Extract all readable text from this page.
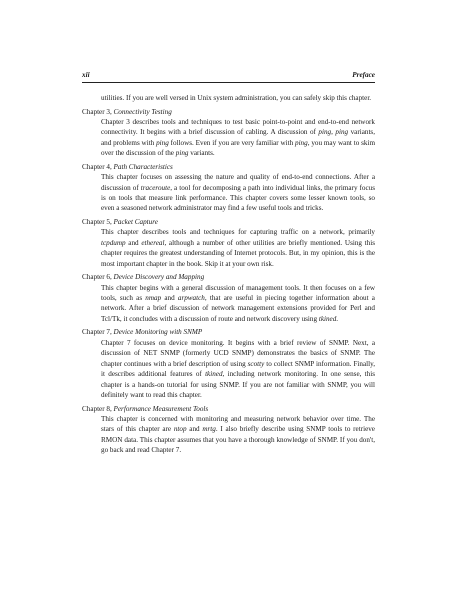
xii	Preface

utilities. If you are well versed in Unix system administration, you can safely skip this chapter.

Chapter 3, Connectivity Testing

Chapter 3 describes tools and techniques to test basic point-to-point and end-to-end network connectivity. It begins with a brief discussion of cabling. A discussion of ping, ping variants, and problems with ping follows. Even if you are very familiar with ping, you may want to skim over the discussion of the ping variants.

Chapter 4, Path Characteristics

This chapter focuses on assessing the nature and quality of end-to-end connections. After a discussion of traceroute, a tool for decomposing a path into individual links, the primary focus is on tools that measure link performance. This chapter covers some lesser known tools, so even a seasoned network administrator may find a few useful tools and tricks.

Chapter 5, Packet Capture

This chapter describes tools and techniques for capturing traffic on a network, primarily tcpdump and ethereal, although a number of other utilities are briefly mentioned. Using this chapter requires the greatest understanding of Internet protocols. But, in my opinion, this is the most important chapter in the book. Skip it at your own risk.

Chapter 6, Device Discovery and Mapping

This chapter begins with a general discussion of management tools. It then focuses on a few tools, such as nmap and arpwatch, that are useful in piecing together information about a network. After a brief discussion of network management extensions provided for Perl and Tcl/Tk, it concludes with a discussion of route and network discovery using tkined.

Chapter 7, Device Monitoring with SNMP

Chapter 7 focuses on device monitoring. It begins with a brief review of SNMP. Next, a discussion of NET SNMP (formerly UCD SNMP) demonstrates the basics of SNMP. The chapter continues with a brief description of using scotty to collect SNMP information. Finally, it describes additional features of tkined, including network monitoring. In one sense, this chapter is a hands-on tutorial for using SNMP. If you are not familiar with SNMP, you will definitely want to read this chapter.

Chapter 8, Performance Measurement Tools

This chapter is concerned with monitoring and measuring network behavior over time. The stars of this chapter are ntop and mrtg. I also briefly describe using SNMP tools to retrieve RMON data. This chapter assumes that you have a thorough knowledge of SNMP. If you don't, go back and read Chapter 7.
